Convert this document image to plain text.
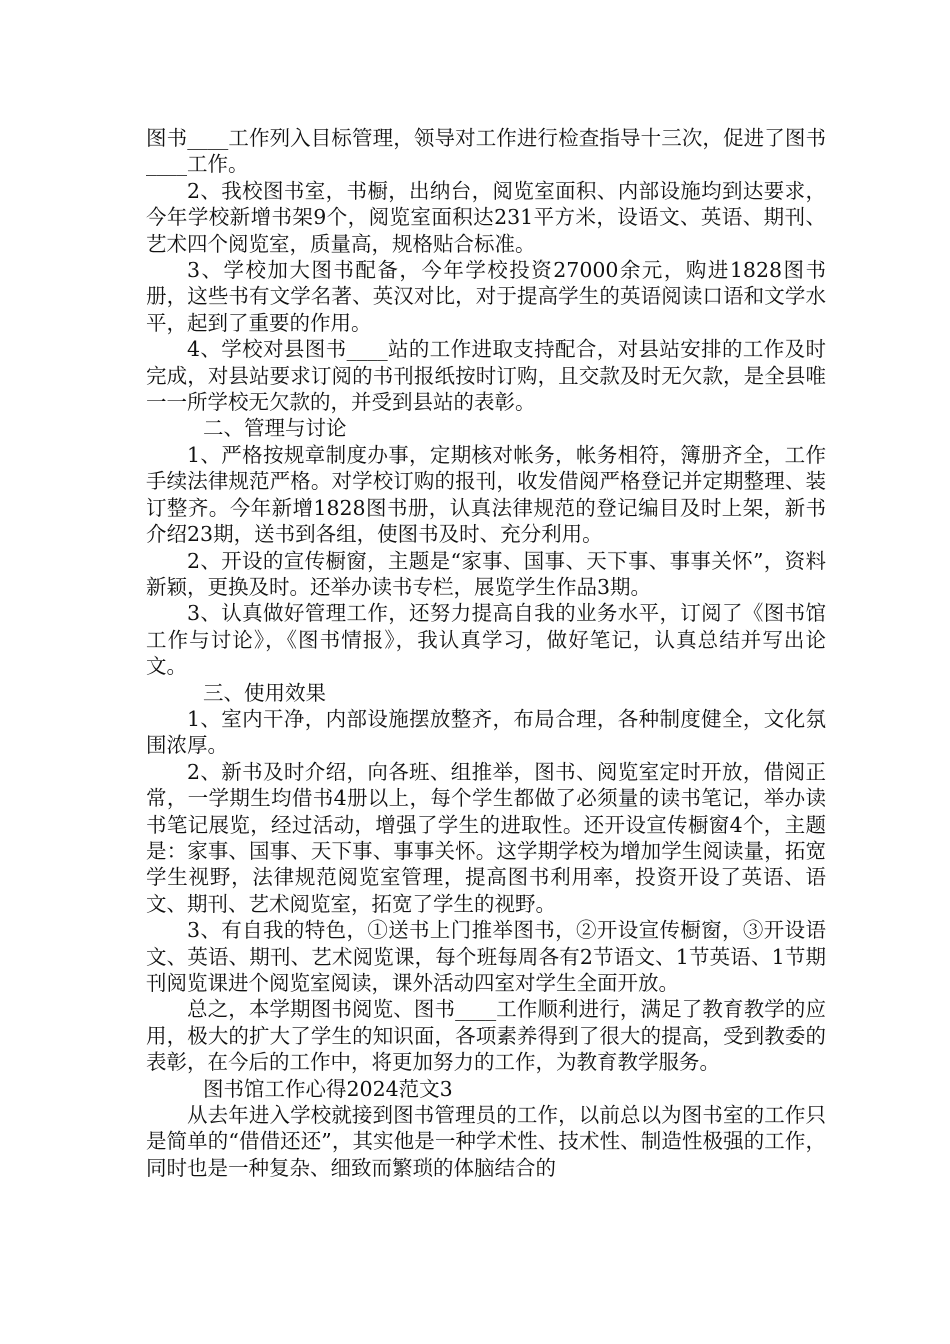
图书____工作列入目标管理，领导对工作进行检查指导十三次，促进了图书____工作。

2、我校图书室，书橱，出纳台，阅览室面积、内部设施均到达要求，今年学校新增书架9个，阅览室面积达231平方米，设语文、英语、期刊、艺术四个阅览室，质量高，规格贴合标准。

3、学校加大图书配备，今年学校投资27000余元，购进1828图书册，这些书有文学名著、英汉对比，对于提高学生的英语阅读口语和文学水平，起到了重要的作用。

4、学校对县图书____站的工作进取支持配合，对县站安排的工作及时完成，对县站要求订阅的书刊报纸按时订购，且交款及时无欠款，是全县唯一一所学校无欠款的，并受到县站的表彰。

二、管理与讨论

1、严格按规章制度办事，定期核对帐务，帐务相符，簿册齐全，工作手续法律规范严格。对学校订购的报刊，收发借阅严格登记并定期整理、装订整齐。今年新增1828图书册，认真法律规范的登记编目及时上架，新书介绍23期，送书到各组，使图书及时、充分利用。

2、开设的宣传橱窗，主题是“家事、国事、天下事、事事关怀”，资料新颖，更换及时。还举办读书专栏，展览学生作品3期。

3、认真做好管理工作，还努力提高自我的业务水平，订阅了《图书馆工作与讨论》，《图书情报》，我认真学习，做好笔记，认真总结并写出论文。

三、使用效果

1、室内干净，内部设施摆放整齐，布局合理，各种制度健全，文化氛围浓厚。

2、新书及时介绍，向各班、组推举，图书、阅览室定时开放，借阅正常，一学期生均借书4册以上，每个学生都做了必须量的读书笔记，举办读书笔记展览，经过活动，增强了学生的进取性。还开设宣传橱窗4个，主题是：家事、国事、天下事、事事关怀。这学期学校为增加学生阅读量，拓宽学生视野，法律规范阅览室管理，提高图书利用率，投资开设了英语、语文、期刊、艺术阅览室，拓宽了学生的视野。

3、有自我的特色，①送书上门推举图书，②开设宣传橱窗，③开设语文、英语、期刊、艺术阅览课，每个班每周各有2节语文、1节英语、1节期刊阅览课进个阅览室阅读，课外活动四室对学生全面开放。

总之，本学期图书阅览、图书____工作顺利进行，满足了教育教学的应用，极大的扩大了学生的知识面，各项素养得到了很大的提高，受到教委的表彰，在今后的工作中，将更加努力的工作，为教育教学服务。

图书馆工作心得2024范文3

从去年进入学校就接到图书管理员的工作，以前总以为图书室的工作只是简单的“借借还还”，其实他是一种学术性、技术性、制造性极强的工作，同时也是一种复杂、细致而繁琐的体脑结合的
